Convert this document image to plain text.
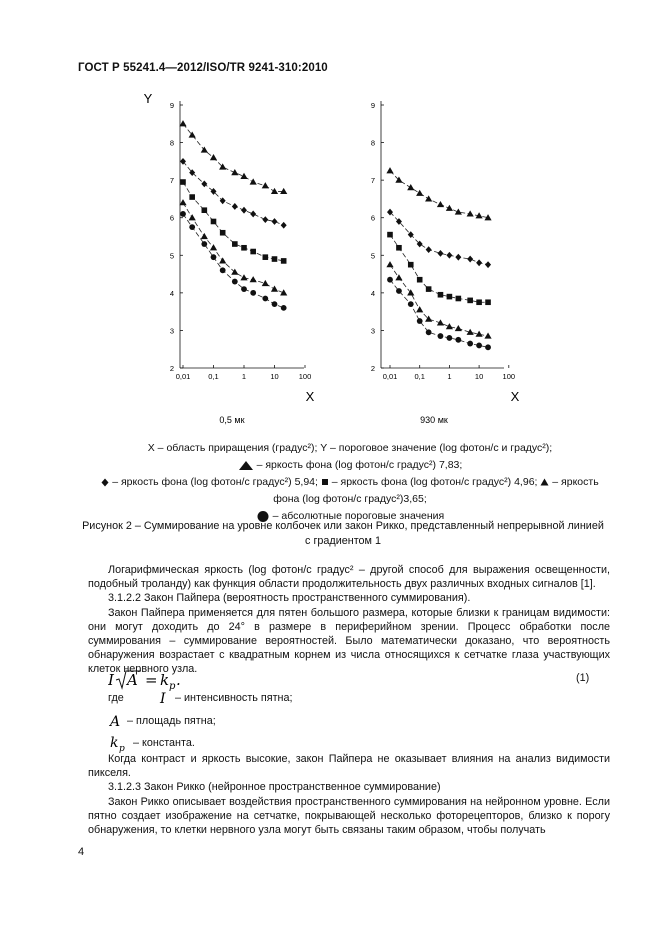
ГОСТ Р 55241.4—2012/ISO/TR 9241-310:2010
2
3
4
5
6
7
8
9
0,01 0,1	1	10	100
Y
X
0,5 мк
2
3
4
5
6
7
8
9
0,01 0,1	1	10	100
X
930 мк
X – область приращения (градус²); Y – пороговое значение (log фотон/с и градус²);
– яркость фона (log фотон/с градус²) 7,83;
– яркость фона (log фотон/с градус²) 5,94; – яркость фона (log фотон/с градус²) 4,96; – яркость
фона (log фотон/с градус²)3,65;
– абсолютные пороговые значения
Рисунок 2 – Суммирование на уровне колбочек или закон Рикко, представленный непрерывной линией с градиентом 1

Логарифмическая яркость (log фотон/с градус² – другой способ для выражения освещенности, подобный троланду) как функция области продолжительность двух различных входных сигналов [1].

3.1.2.2 Закон Пайпера (вероятность пространственного суммирования).

Закон Пайпера применяется для пятен большого размера, которые близки к границам видимости: они могут доходить до 24° в размере в периферийном зрении. Процесс обработки после суммирования – суммирование вероятностей. Было математически доказано, что вероятность обнаружения возрастает с квадратным корнем из числа относящихся к сетчатке глаза участвующих клеток нервного узла.

I A = k p .	(1)
где	I – интенсивность пятна;
A – площадь пятна;
k p
– константа.

Когда контраст и яркость высокие, закон Пайпера не оказывает влияния на анализ видимости пикселя.

3.1.2.3 Закон Рикко (нейронное пространственное суммирование)

Закон Рикко описывает воздействия пространственного суммирования на нейронном уровне. Если пятно создает изображение на сетчатке, покрывающей несколько фоторецепторов, близко к порогу обнаружения, то клетки нервного узла могут быть связаны таким образом, чтобы получать

4
